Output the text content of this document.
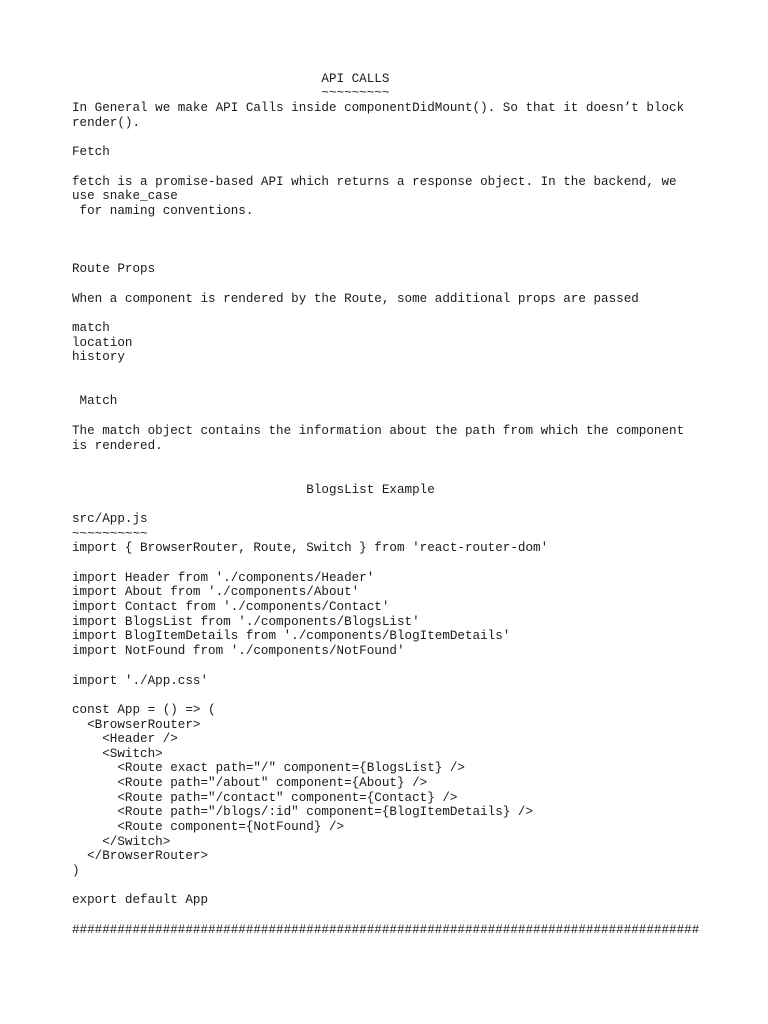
API CALLS
~~~~~~~~~
In General we make API Calls inside componentDidMount(). So that it doesn’t block
render().
Fetch
fetch is a promise-based API which returns a response object. In the backend, we
use snake_case
for naming conventions.
Route Props
When a component is rendered by the Route, some additional props are passed
match
location
history
Match
The match object contains the information about the path from which the component
is rendered.
BlogsList Example
src/App.js
~~~~~~~~~~
import { BrowserRouter, Route, Switch } from 'react-router-dom'
import Header from './components/Header'
import About from './components/About'
import Contact from './components/Contact'
import BlogsList from './components/BlogsList'
import BlogItemDetails from './components/BlogItemDetails'
import NotFound from './components/NotFound'
import './App.css'
const App = () => (
<BrowserRouter>
<Header />
<Switch>
<Route exact path="/" component={BlogsList} />
<Route path="/about" component={About} />
<Route path="/contact" component={Contact} />
<Route path="/blogs/:id" component={BlogItemDetails} />
<Route component={NotFound} />
</Switch>
</BrowserRouter>
)
export default App
###################################################################################
